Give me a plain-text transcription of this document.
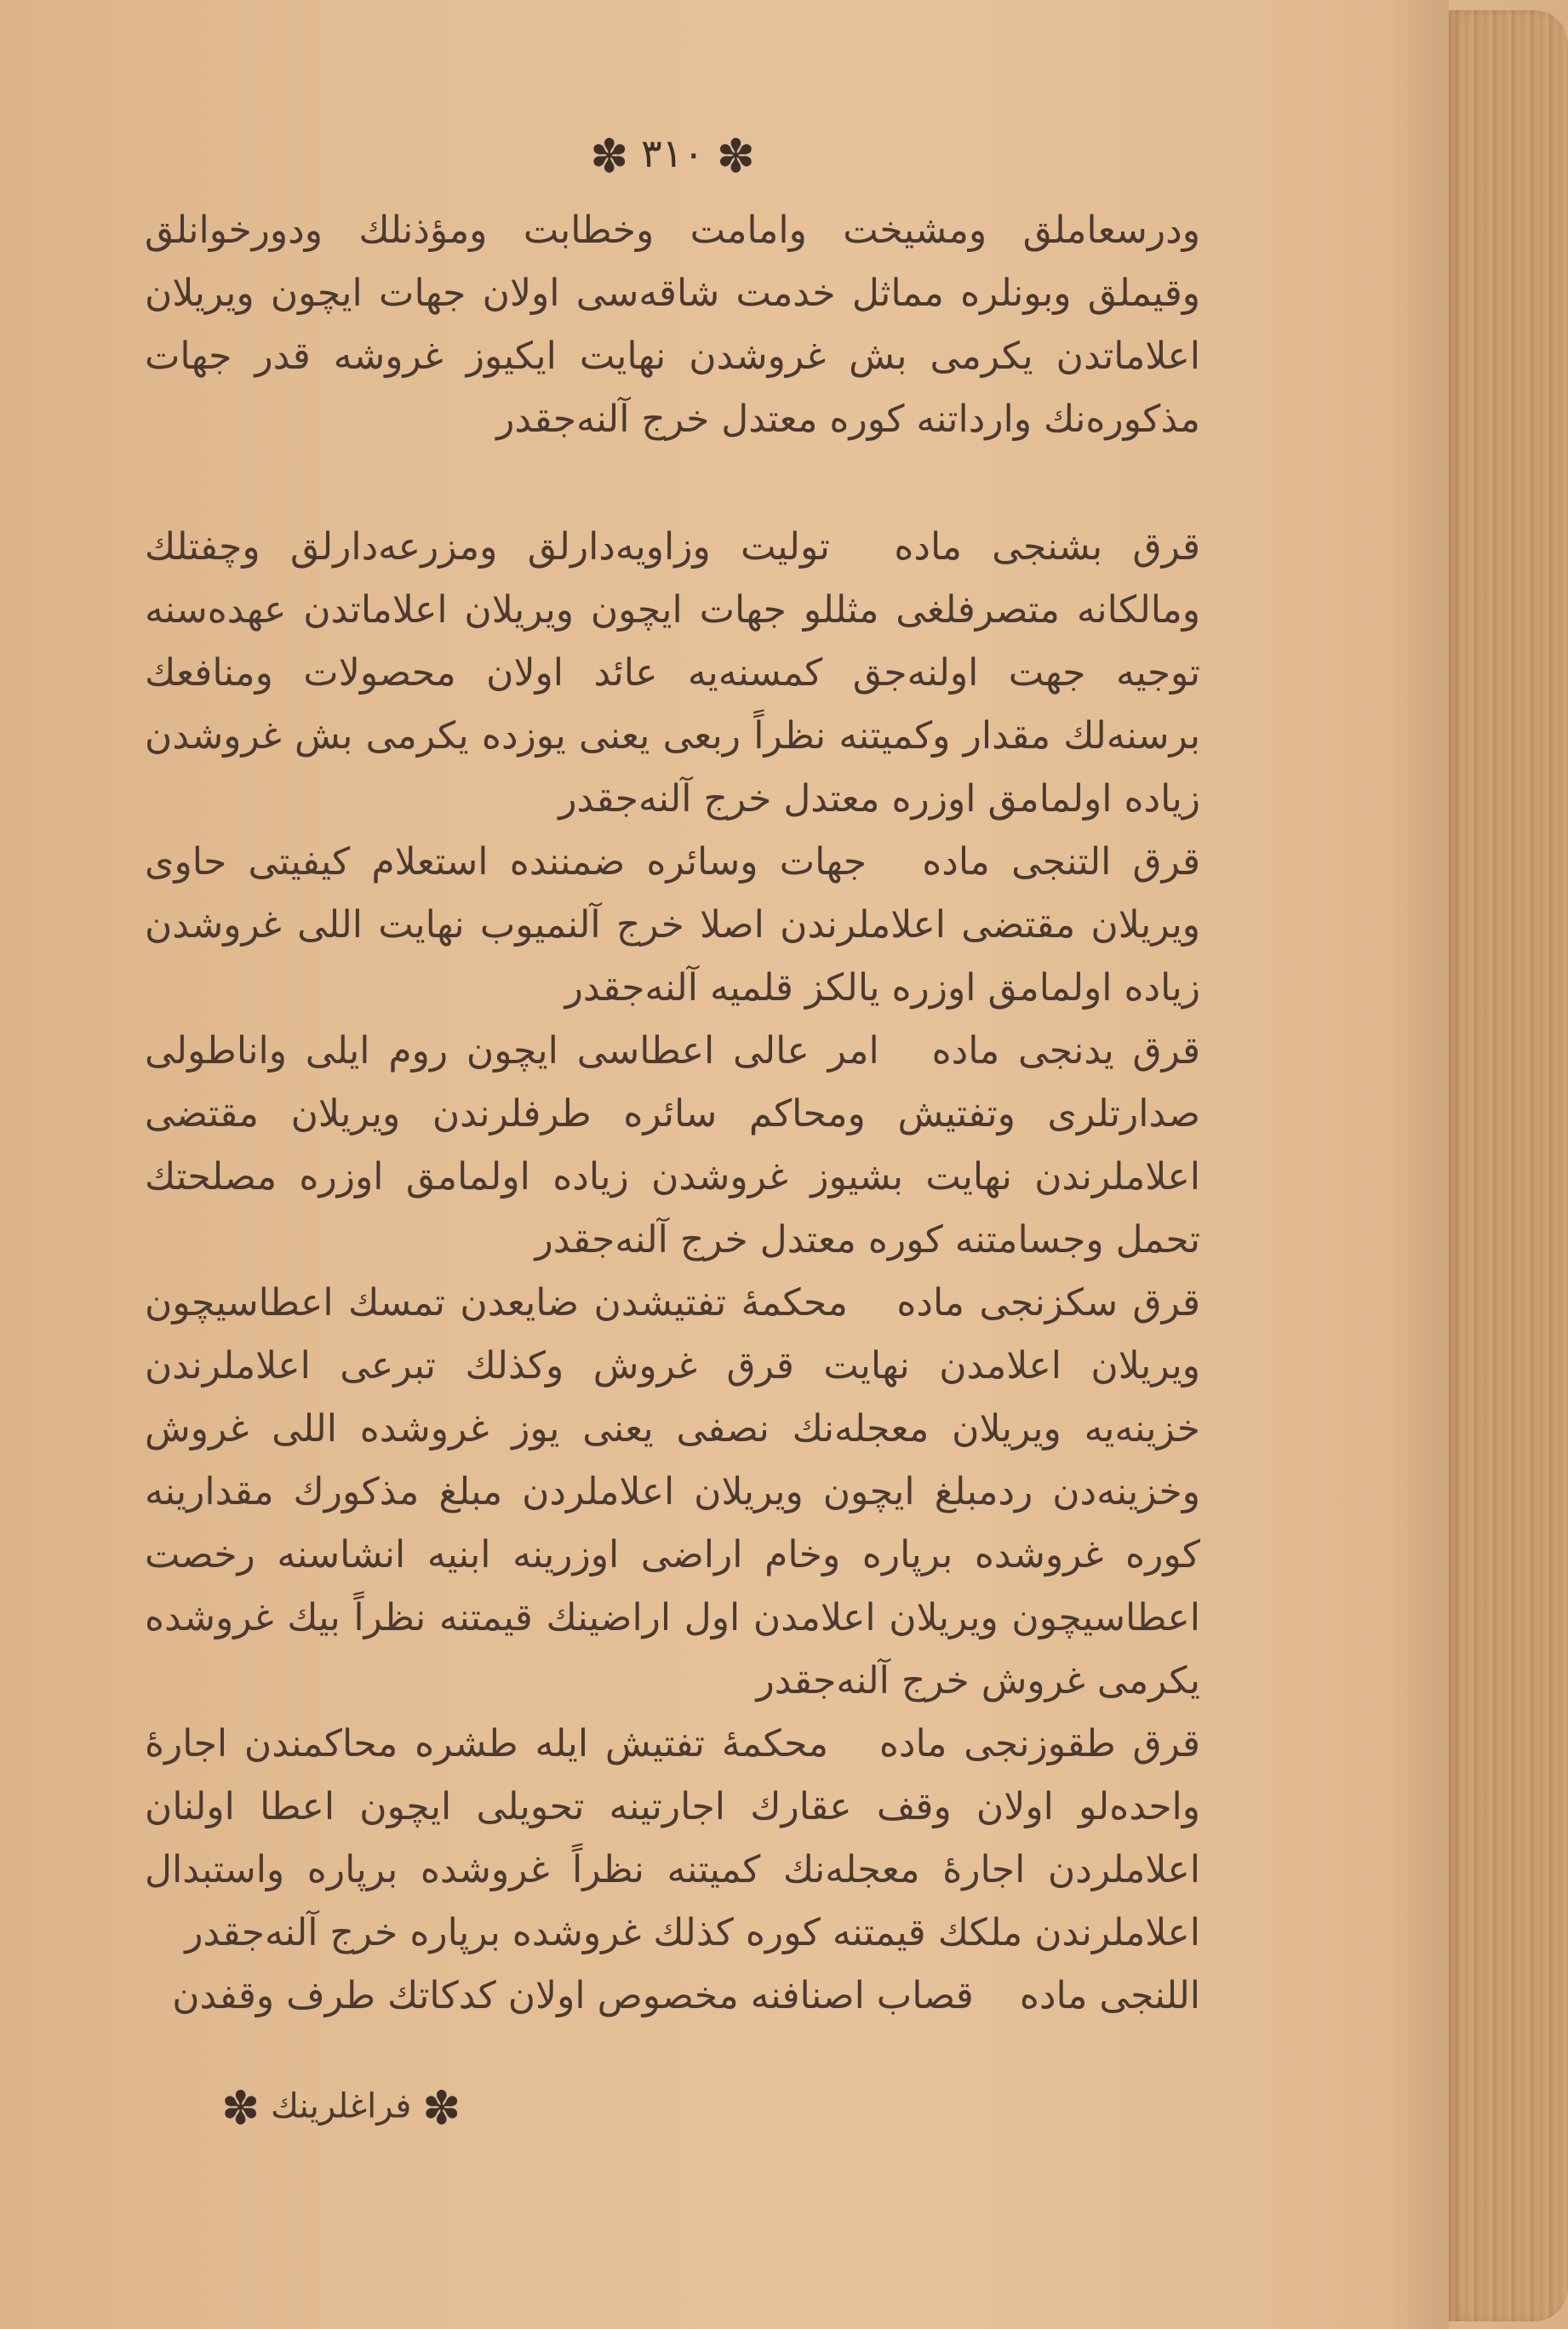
✽ ٣١٠ ✽

ودرسعاملق ومشيخت وامامت وخطابت ومؤذنلك ودورخوانلق وقيملق وبونلره مماثل خدمت شاقه‌سى اولان جهات ايچون ويريلان اعلاماتدن يكرمى بش غروشدن نهايت ايكيوز غروشه قدر جهات مذكوره‌نك وارداتنه كوره معتدل خرج آلنه‌جقدر

قرق بشنجى ماده توليت وزاويه‌دارلق ومزرعه‌دارلق وچفتلك ومالكانه متصرفلغى مثللو جهات ايچون ويريلان اعلاماتدن عهده‌سنه توجيه جهت اولنه‌جق كمسنه‌يه عائد اولان محصولات ومنافعك برسنه‌لك مقدار وكميتنه نظراً ربعى يعنى يوزده يكرمى بش غروشدن زياده اولمامق اوزره معتدل خرج آلنه‌جقدر

قرق التنجى ماده جهات وسائره ضمننده استعلام كيفيتى حاوى ويريلان مقتضى اعلاملرندن اصلا خرج آلنميوب نهايت اللى غروشدن زياده اولمامق اوزره يالكز قلميه آلنه‌جقدر

قرق يدنجى ماده امر عالى اعطاسى ايچون روم ايلى واناطولى صدارتلرى وتفتيش ومحاكم سائره طرفلرندن ويريلان مقتضى اعلاملرندن نهايت بشيوز غروشدن زياده اولمامق اوزره مصلحتك تحمل وجسامتنه كوره معتدل خرج آلنه‌جقدر

قرق سكزنجى ماده محكمهٔ تفتيشدن ضايعدن تمسك اعطاسيچون ويريلان اعلامدن نهايت قرق غروش وكذلك تبرعى اعلاملرندن خزينه‌يه ويريلان معجله‌نك نصفى يعنى يوز غروشده اللى غروش وخزينه‌دن ردمبلغ ايچون ويريلان اعلاملردن مبلغ مذكورك مقدارينه كوره غروشده برپاره وخام اراضى اوزرينه ابنيه انشاسنه رخصت اعطاسيچون ويريلان اعلامدن اول اراضينك قيمتنه نظراً بيك غروشده يكرمى غروش خرج آلنه‌جقدر

قرق طقوزنجى ماده محكمهٔ تفتيش ايله طشره محاكمندن اجارهٔ واحده‌لو اولان وقف عقارك اجارتينه تحويلى ايچون اعطا اولنان اعلاملردن اجارهٔ معجله‌نك كميتنه نظراً غروشده برپاره واستبدال اعلاملرندن ملكك قيمتنه كوره كذلك غروشده برپاره خرج آلنه‌جقدر

اللنجى ماده قصاب اصنافنه مخصوص اولان كدكاتك طرف وقفدن

✽ فراغلرينك ✽
